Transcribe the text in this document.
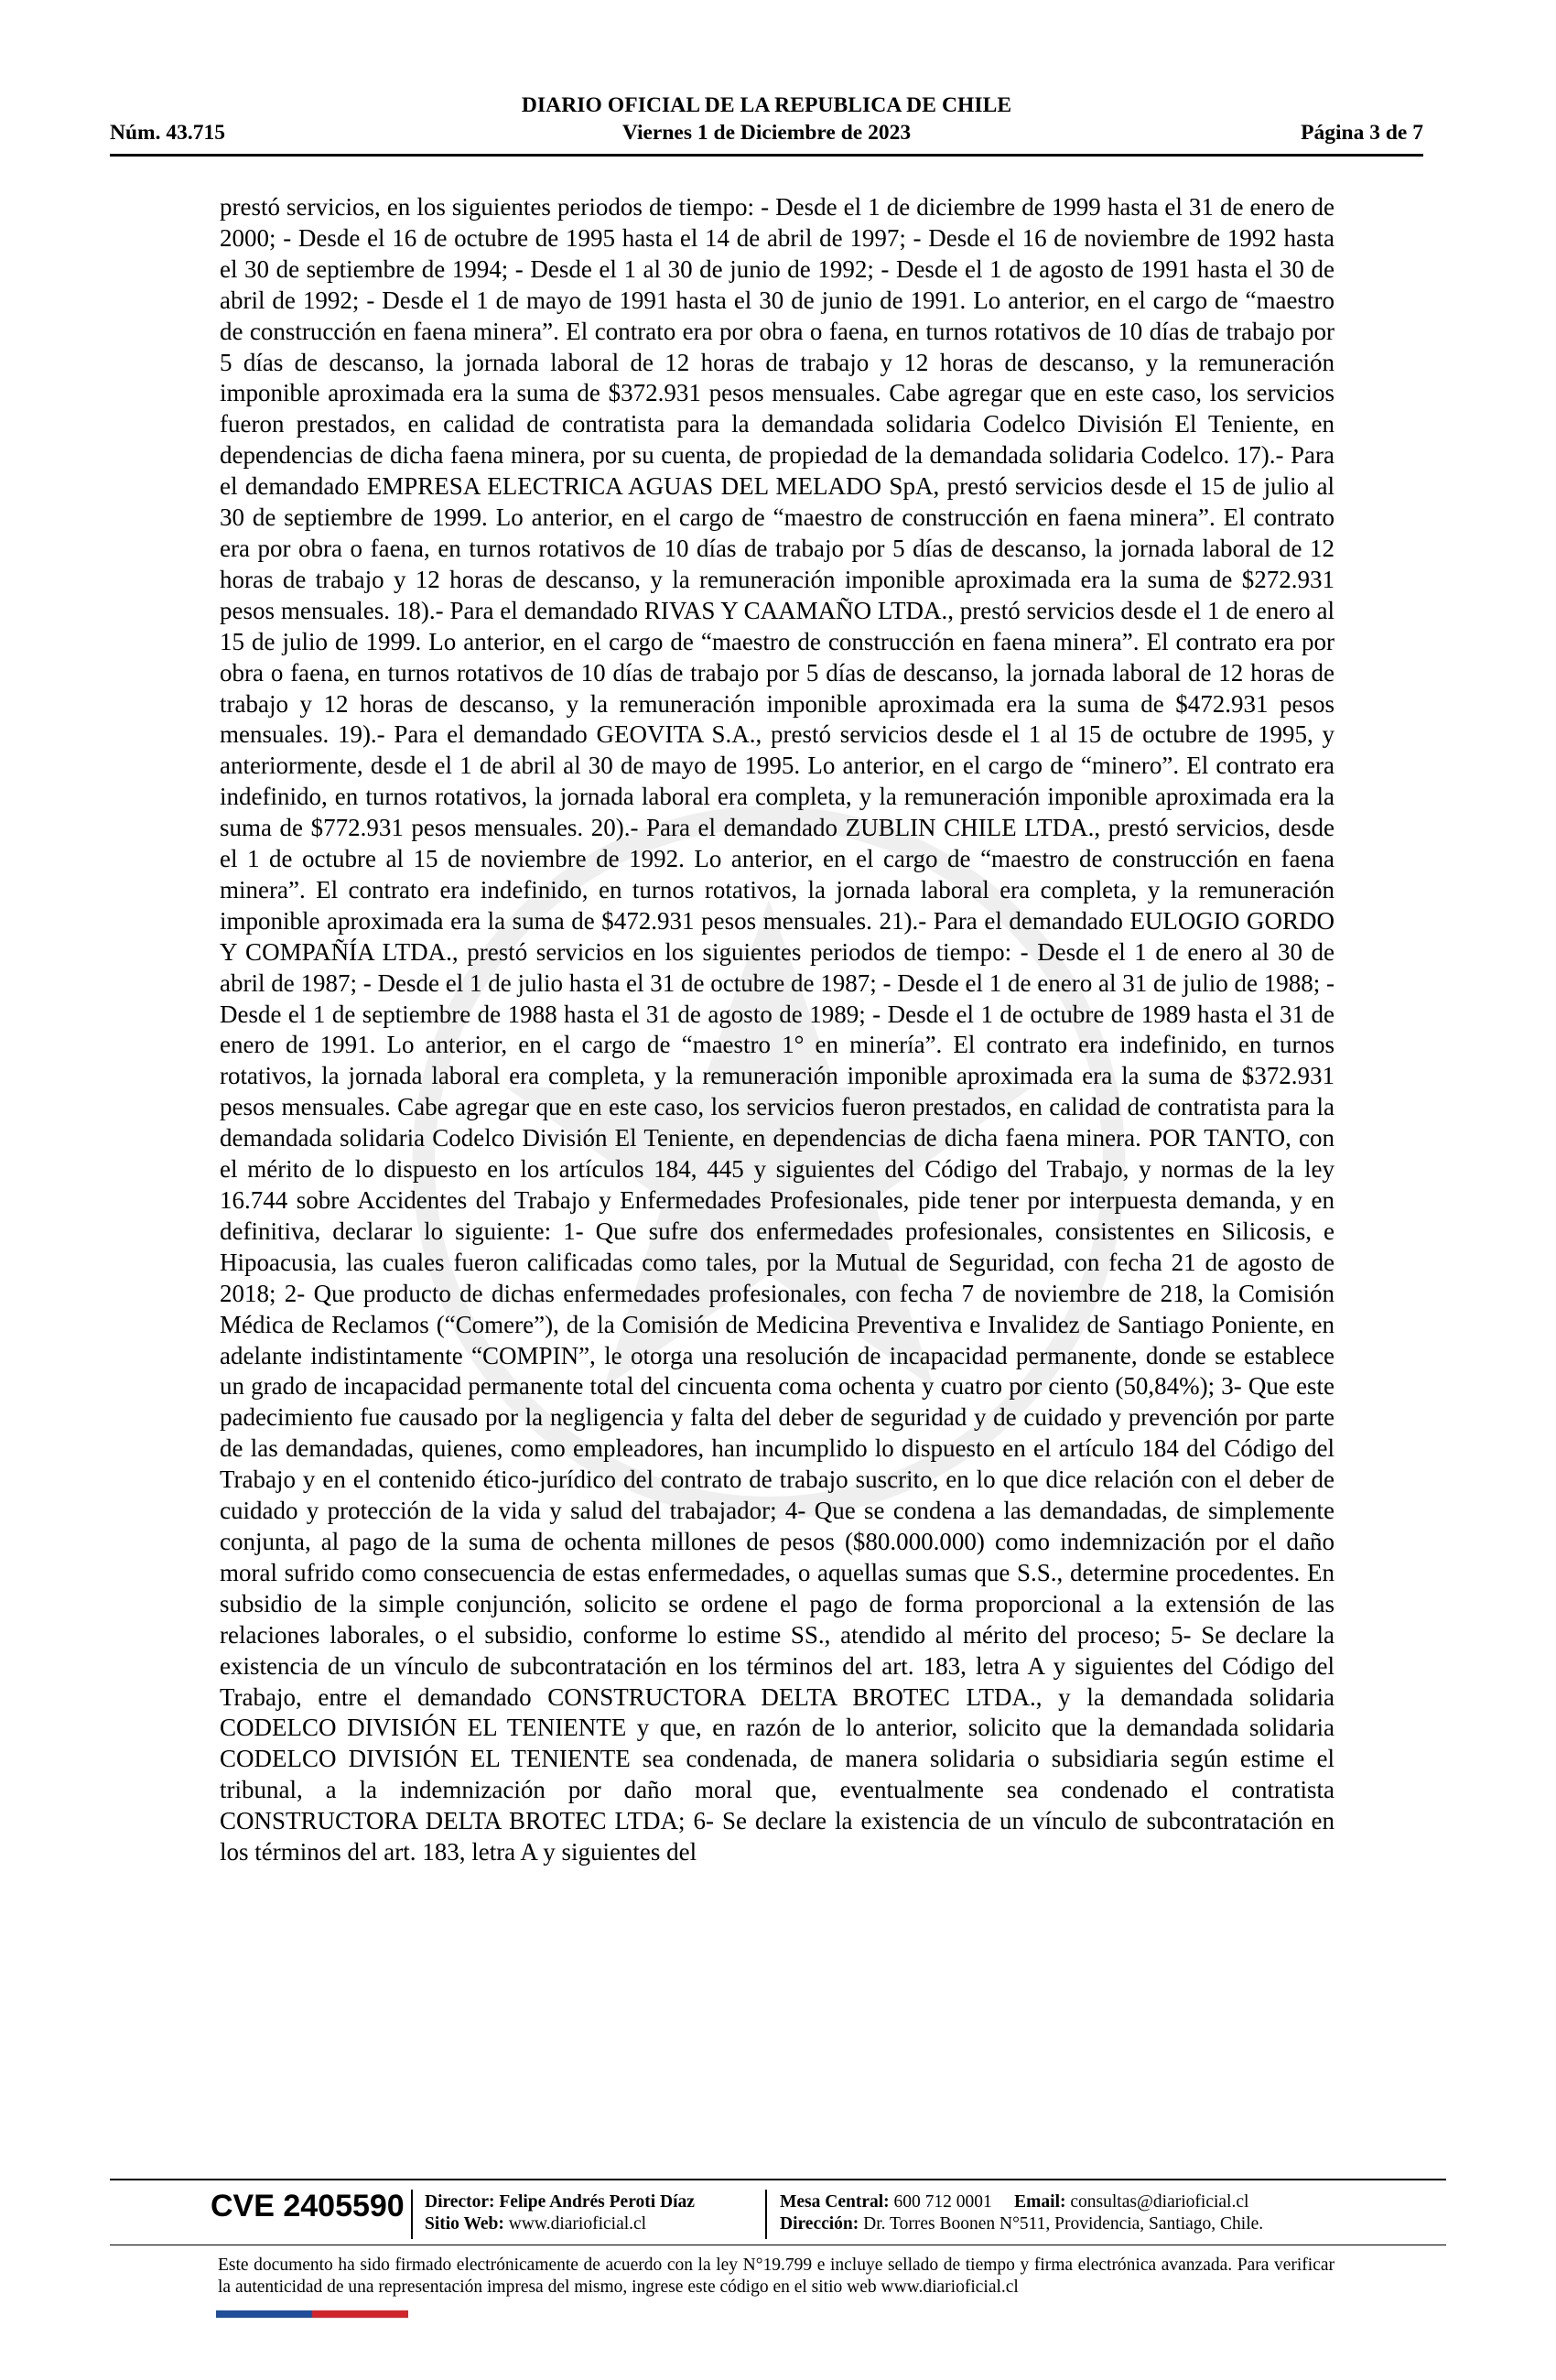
DIARIO OFICIAL DE LA REPUBLICA DE CHILE
Núm. 43.715	Viernes 1 de Diciembre de 2023	Página 3 de 7

prestó servicios, en los siguientes periodos de tiempo: - Desde el 1 de diciembre de 1999 hasta el 31 de enero de 2000; - Desde el 16 de octubre de 1995 hasta el 14 de abril de 1997; - Desde el 16 de noviembre de 1992 hasta el 30 de septiembre de 1994; - Desde el 1 al 30 de junio de 1992; - Desde el 1 de agosto de 1991 hasta el 30 de abril de 1992; - Desde el 1 de mayo de 1991 hasta el 30 de junio de 1991. Lo anterior, en el cargo de “maestro de construcción en faena minera”. El contrato era por obra o faena, en turnos rotativos de 10 días de trabajo por 5 días de descanso, la jornada laboral de 12 horas de trabajo y 12 horas de descanso, y la remuneración imponible aproximada era la suma de $372.931 pesos mensuales. Cabe agregar que en este caso, los servicios fueron prestados, en calidad de contratista para la demandada solidaria Codelco División El Teniente, en dependencias de dicha faena minera, por su cuenta, de propiedad de la demandada solidaria Codelco. 17).- Para el demandado EMPRESA ELECTRICA AGUAS DEL MELADO SpA, prestó servicios desde el 15 de julio al 30 de septiembre de 1999. Lo anterior, en el cargo de “maestro de construcción en faena minera”. El contrato era por obra o faena, en turnos rotativos de 10 días de trabajo por 5 días de descanso, la jornada laboral de 12 horas de trabajo y 12 horas de descanso, y la remuneración imponible aproximada era la suma de $272.931 pesos mensuales. 18).- Para el demandado RIVAS Y CAAMAÑO LTDA., prestó servicios desde el 1 de enero al 15 de julio de 1999. Lo anterior, en el cargo de “maestro de construcción en faena minera”. El contrato era por obra o faena, en turnos rotativos de 10 días de trabajo por 5 días de descanso, la jornada laboral de 12 horas de trabajo y 12 horas de descanso, y la remuneración imponible aproximada era la suma de $472.931 pesos mensuales. 19).- Para el demandado GEOVITA S.A., prestó servicios desde el 1 al 15 de octubre de 1995, y anteriormente, desde el 1 de abril al 30 de mayo de 1995. Lo anterior, en el cargo de “minero”. El contrato era indefinido, en turnos rotativos, la jornada laboral era completa, y la remuneración imponible aproximada era la suma de $772.931 pesos mensuales. 20).- Para el demandado ZUBLIN CHILE LTDA., prestó servicios, desde el 1 de octubre al 15 de noviembre de 1992. Lo anterior, en el cargo de “maestro de construcción en faena minera”. El contrato era indefinido, en turnos rotativos, la jornada laboral era completa, y la remuneración imponible aproximada era la suma de $472.931 pesos mensuales. 21).- Para el demandado EULOGIO GORDO Y COMPAÑÍA LTDA., prestó servicios en los siguientes periodos de tiempo: - Desde el 1 de enero al 30 de abril de 1987; - Desde el 1 de julio hasta el 31 de octubre de 1987; - Desde el 1 de enero al 31 de julio de 1988; - Desde el 1 de septiembre de 1988 hasta el 31 de agosto de 1989; - Desde el 1 de octubre de 1989 hasta el 31 de enero de 1991. Lo anterior, en el cargo de “maestro 1° en minería”. El contrato era indefinido, en turnos rotativos, la jornada laboral era completa, y la remuneración imponible aproximada era la suma de $372.931 pesos mensuales. Cabe agregar que en este caso, los servicios fueron prestados, en calidad de contratista para la demandada solidaria Codelco División El Teniente, en dependencias de dicha faena minera. POR TANTO, con el mérito de lo dispuesto en los artículos 184, 445 y siguientes del Código del Trabajo, y normas de la ley 16.744 sobre Accidentes del Trabajo y Enfermedades Profesionales, pide tener por interpuesta demanda, y en definitiva, declarar lo siguiente: 1- Que sufre dos enfermedades profesionales, consistentes en Silicosis, e Hipoacusia, las cuales fueron calificadas como tales, por la Mutual de Seguridad, con fecha 21 de agosto de 2018; 2- Que producto de dichas enfermedades profesionales, con fecha 7 de noviembre de 218, la Comisión Médica de Reclamos (“Comere”), de la Comisión de Medicina Preventiva e Invalidez de Santiago Poniente, en adelante indistintamente “COMPIN”, le otorga una resolución de incapacidad permanente, donde se establece un grado de incapacidad permanente total del cincuenta coma ochenta y cuatro por ciento (50,84%); 3- Que este padecimiento fue causado por la negligencia y falta del deber de seguridad y de cuidado y prevención por parte de las demandadas, quienes, como empleadores, han incumplido lo dispuesto en el artículo 184 del Código del Trabajo y en el contenido ético-jurídico del contrato de trabajo suscrito, en lo que dice relación con el deber de cuidado y protección de la vida y salud del trabajador; 4- Que se condena a las demandadas, de simplemente conjunta, al pago de la suma de ochenta millones de pesos ($80.000.000) como indemnización por el daño moral sufrido como consecuencia de estas enfermedades, o aquellas sumas que S.S., determine procedentes. En subsidio de la simple conjunción, solicito se ordene el pago de forma proporcional a la extensión de las relaciones laborales, o el subsidio, conforme lo estime SS., atendido al mérito del proceso; 5- Se declare la existencia de un vínculo de subcontratación en los términos del art. 183, letra A y siguientes del Código del Trabajo, entre el demandado CONSTRUCTORA DELTA BROTEC LTDA., y la demandada solidaria CODELCO DIVISIÓN EL TENIENTE y que, en razón de lo anterior, solicito que la demandada solidaria CODELCO DIVISIÓN EL TENIENTE sea condenada, de manera solidaria o subsidiaria según estime el tribunal, a la indemnización por daño moral que, eventualmente sea condenado el contratista CONSTRUCTORA DELTA BROTEC LTDA; 6- Se declare la existencia de un vínculo de subcontratación en los términos del art. 183, letra A y siguientes del

CVE 2405590 Director: Felipe Andrés Peroti Díaz
Sitio Web: www.diarioficial.cl
Mesa Central: 600 712 0001 Email: consultas@diarioficial.cl
Dirección: Dr. Torres Boonen N°511, Providencia, Santiago, Chile.
Este documento ha sido firmado electrónicamente de acuerdo con la ley N°19.799 e incluye sellado de tiempo y firma electrónica avanzada. Para verificar la autenticidad de una representación impresa del mismo, ingrese este código en el sitio web www.diarioficial.cl
